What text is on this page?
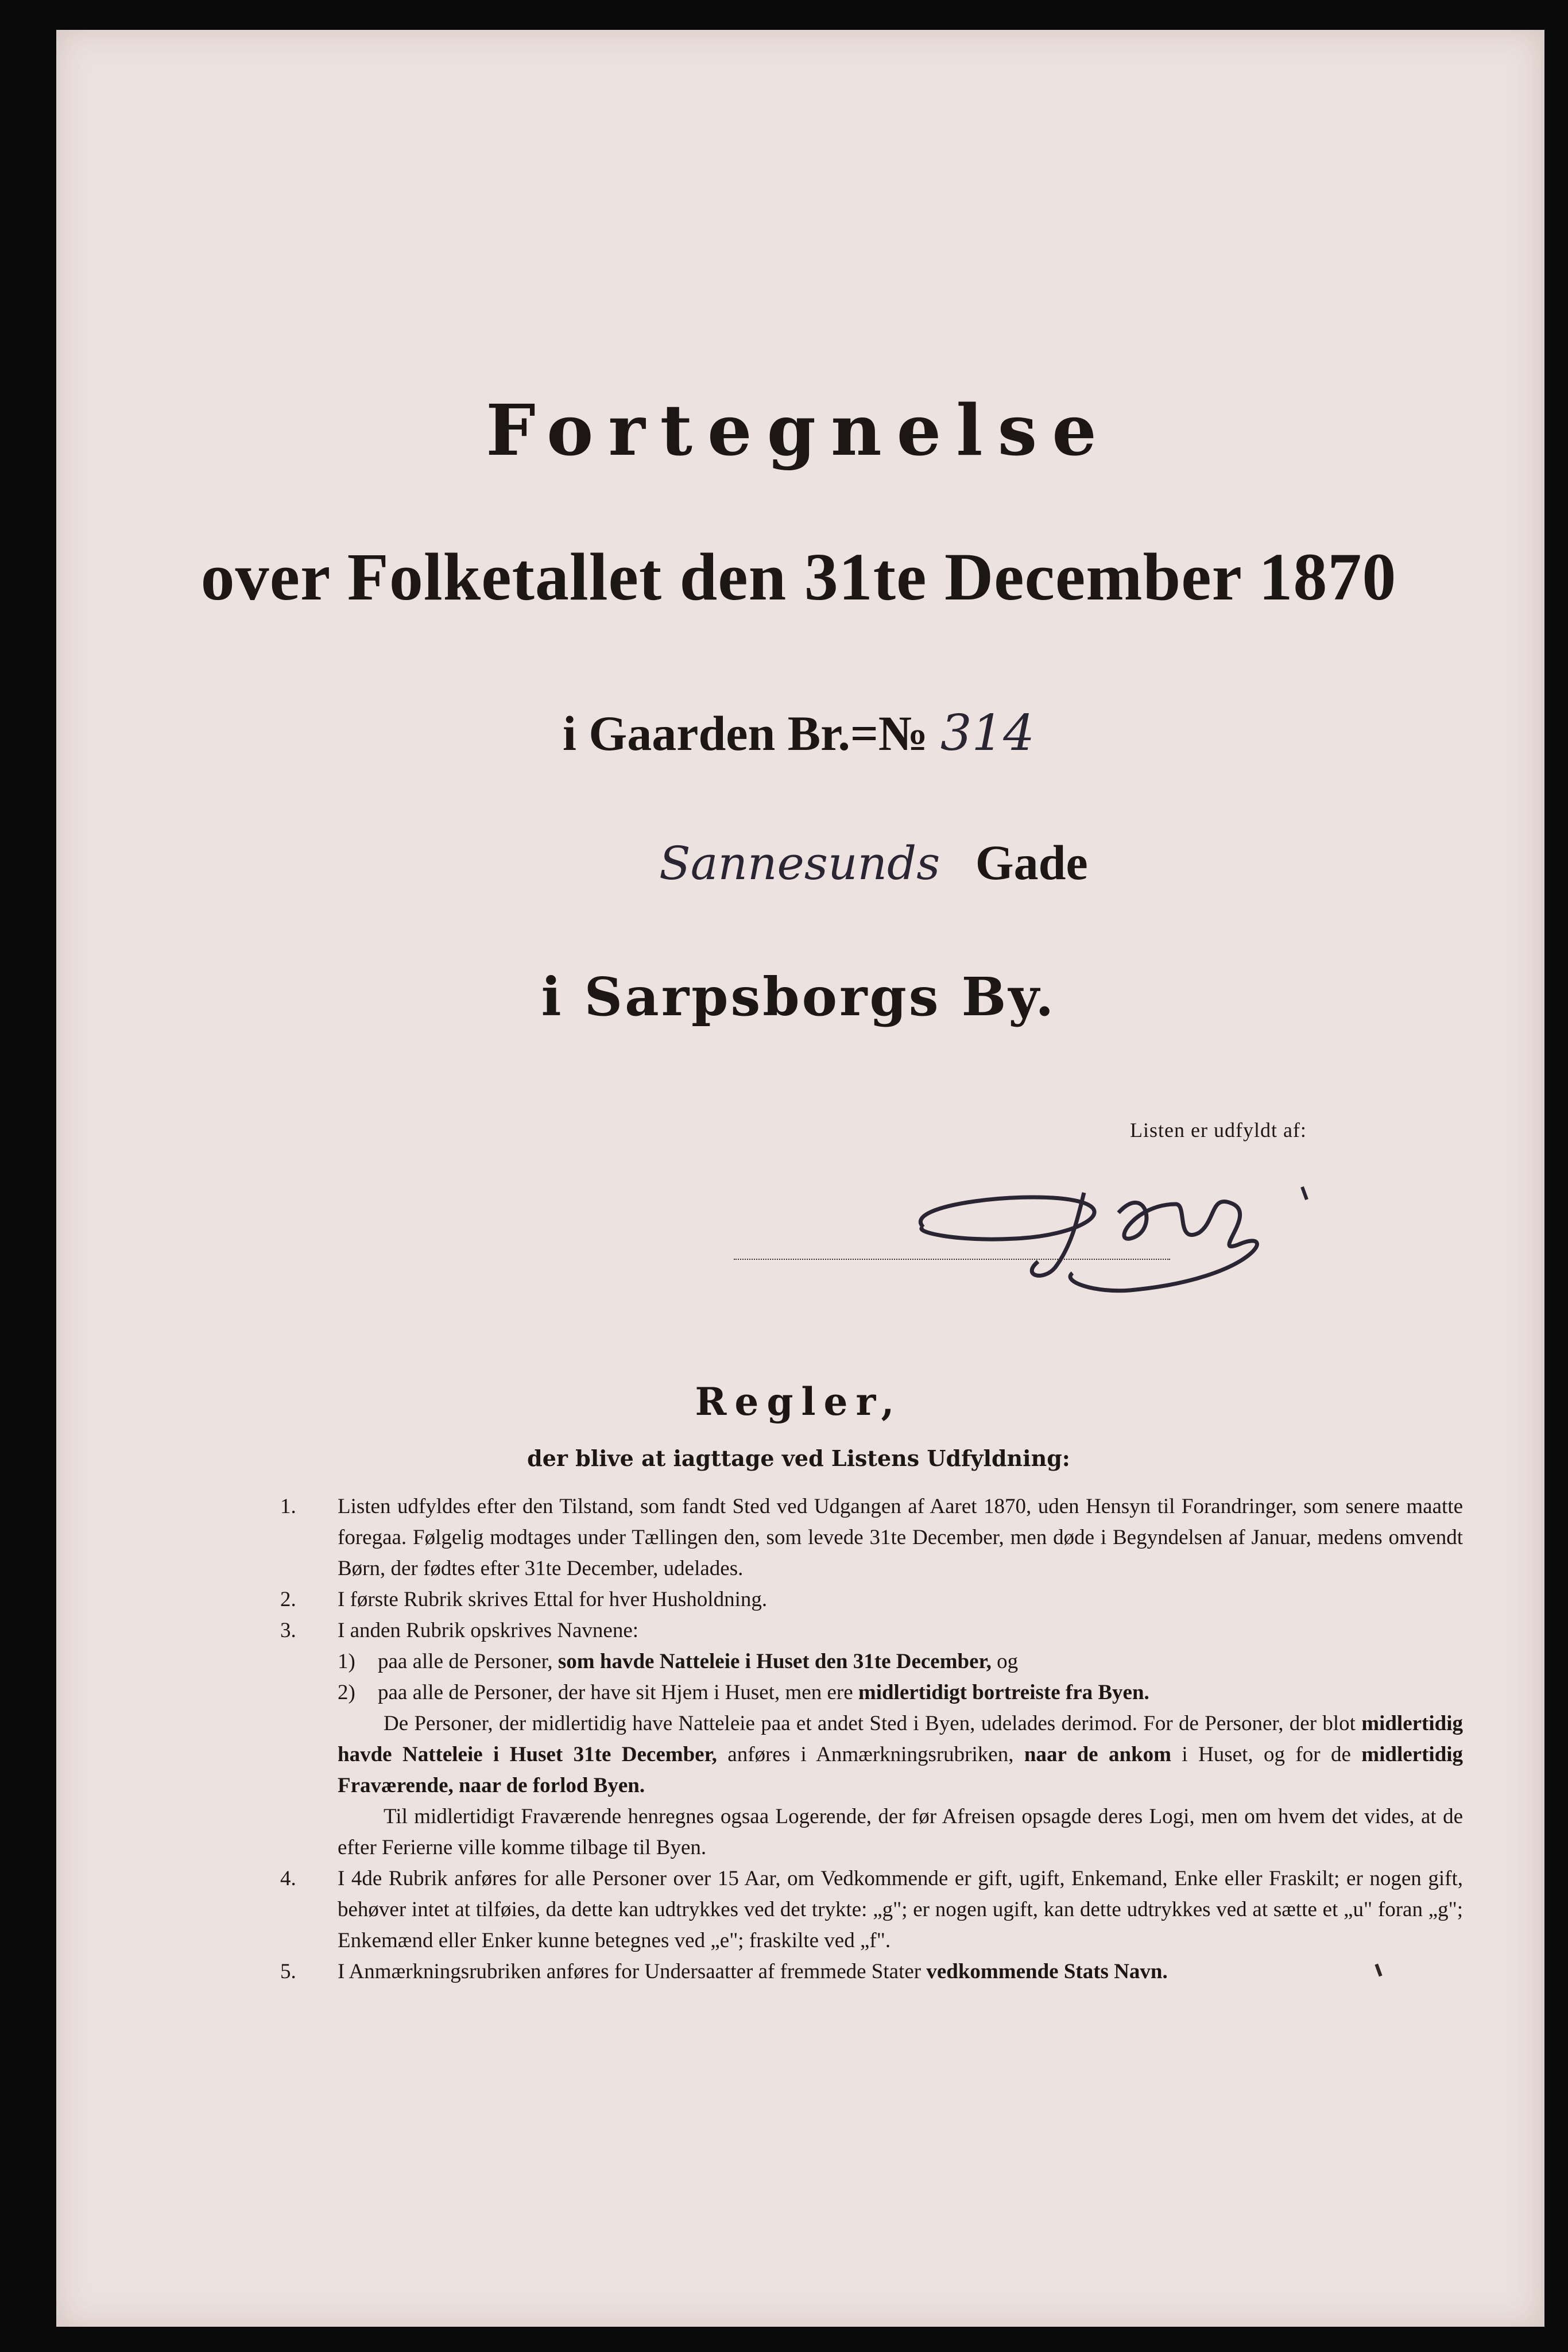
Fortegnelse
over Folketallet den 31te December 1870
i Gaarden Br.=№ 314
Sannesunds Gade
i Sarpsborgs By.
Listen er udfyldt af:
Regler,
der blive at iagttage ved Listens Udfyldning:
1. Listen udfyldes efter den Tilstand, som fandt Sted ved Udgangen af Aaret 1870, uden Hensyn til Forandringer, som senere maatte foregaa. Følgelig modtages under Tællingen den, som levede 31te December, men døde i Begyndelsen af Januar, medens omvendt Børn, der fødtes efter 31te December, udelades.
2. I første Rubrik skrives Ettal for hver Husholdning.
3. I anden Rubrik opskrives Navnene:
1) paa alle de Personer, som havde Natteleie i Huset den 31te December, og
2) paa alle de Personer, der have sit Hjem i Huset, men ere midlertidigt bortreiste fra Byen.
De Personer, der midlertidig have Natteleie paa et andet Sted i Byen, udelades derimod. For de Personer, der blot midlertidig havde Natteleie i Huset 31te December, anføres i Anmærkningsrubriken, naar de ankom i Huset, og for de midlertidig Fraværende, naar de forlod Byen.
Til midlertidigt Fraværende henregnes ogsaa Logerende, der før Afreisen opsagde deres Logi, men om hvem det vides, at de efter Ferierne ville komme tilbage til Byen.
4. I 4de Rubrik anføres for alle Personer over 15 Aar, om Vedkommende er gift, ugift, Enkemand, Enke eller Fraskilt; er nogen gift, behøver intet at tilføies, da dette kan udtrykkes ved det trykte: „g"; er nogen ugift, kan dette udtrykkes ved at sætte et „u" foran „g"; Enkemænd eller Enker kunne betegnes ved „e"; fraskilte ved „f".
5. I Anmærkningsrubriken anføres for Undersaatter af fremmede Stater vedkommende Stats Navn.
